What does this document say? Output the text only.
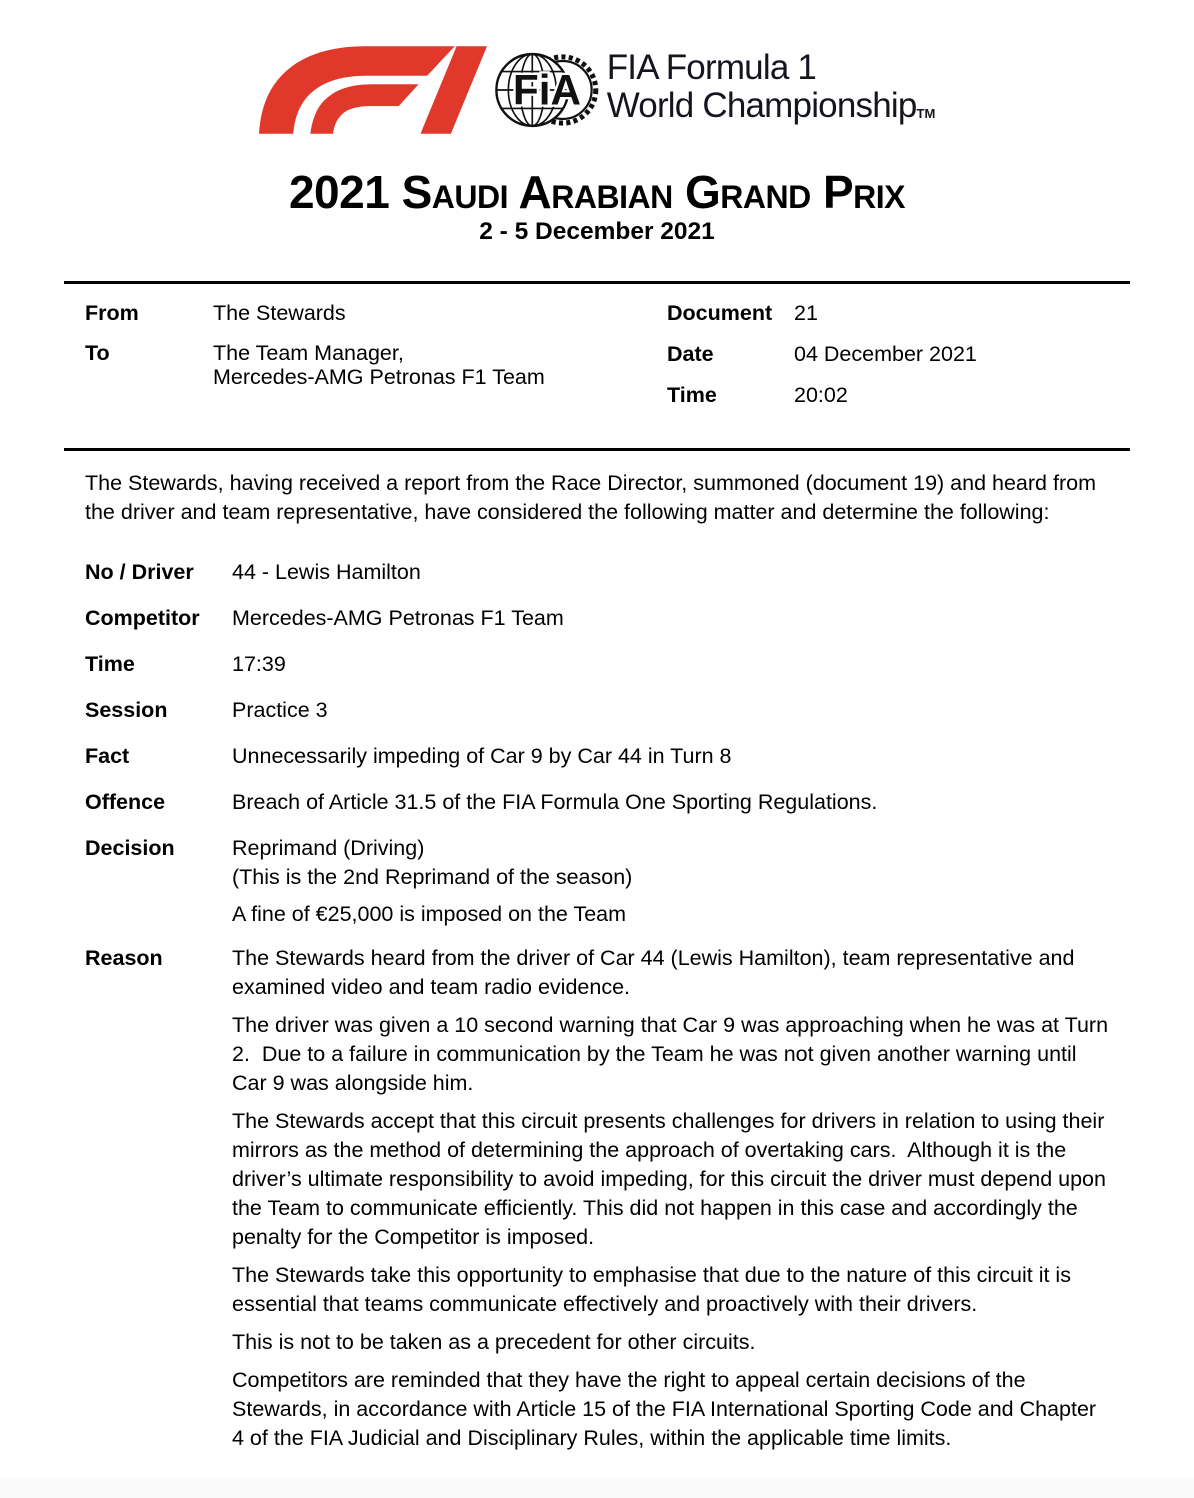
FiA FIA Formula 1
World ChampionshipTM
2021 Saudi Arabian Grand Prix
2 - 5 December 2021
From	The Stewards
To	The Team Manager,
Mercedes-AMG Petronas F1 Team
Document	21
Date	04 December 2021
Time	20:02
The Stewards, having received a report from the Race Director, summoned (document 19) and heard from the driver and team representative, have considered the following matter and determine the following:
No / Driver	44 - Lewis Hamilton
Competitor	Mercedes-AMG Petronas F1 Team
Time	17:39
Session	Practice 3
Fact	Unnecessarily impeding of Car 9 by Car 44 in Turn 8
Offence	Breach of Article 31.5 of the FIA Formula One Sporting Regulations.
Decision	Reprimand (Driving)
(This is the 2nd Reprimand of the season)
A fine of €25,000 is imposed on the Team
Reason	The Stewards heard from the driver of Car 44 (Lewis Hamilton), team representative and examined video and team radio evidence.

The driver was given a 10 second warning that Car 9 was approaching when he was at Turn 2.  Due to a failure in communication by the Team he was not given another warning until Car 9 was alongside him.

The Stewards accept that this circuit presents challenges for drivers in relation to using their mirrors as the method of determining the approach of overtaking cars.  Although it is the driver’s ultimate responsibility to avoid impeding, for this circuit the driver must depend upon the Team to communicate efficiently. This did not happen in this case and accordingly the penalty for the Competitor is imposed.

The Stewards take this opportunity to emphasise that due to the nature of this circuit it is essential that teams communicate effectively and proactively with their drivers.

This is not to be taken as a precedent for other circuits.

Competitors are reminded that they have the right to appeal certain decisions of the Stewards, in accordance with Article 15 of the FIA International Sporting Code and Chapter 4 of the FIA Judicial and Disciplinary Rules, within the applicable time limits.
